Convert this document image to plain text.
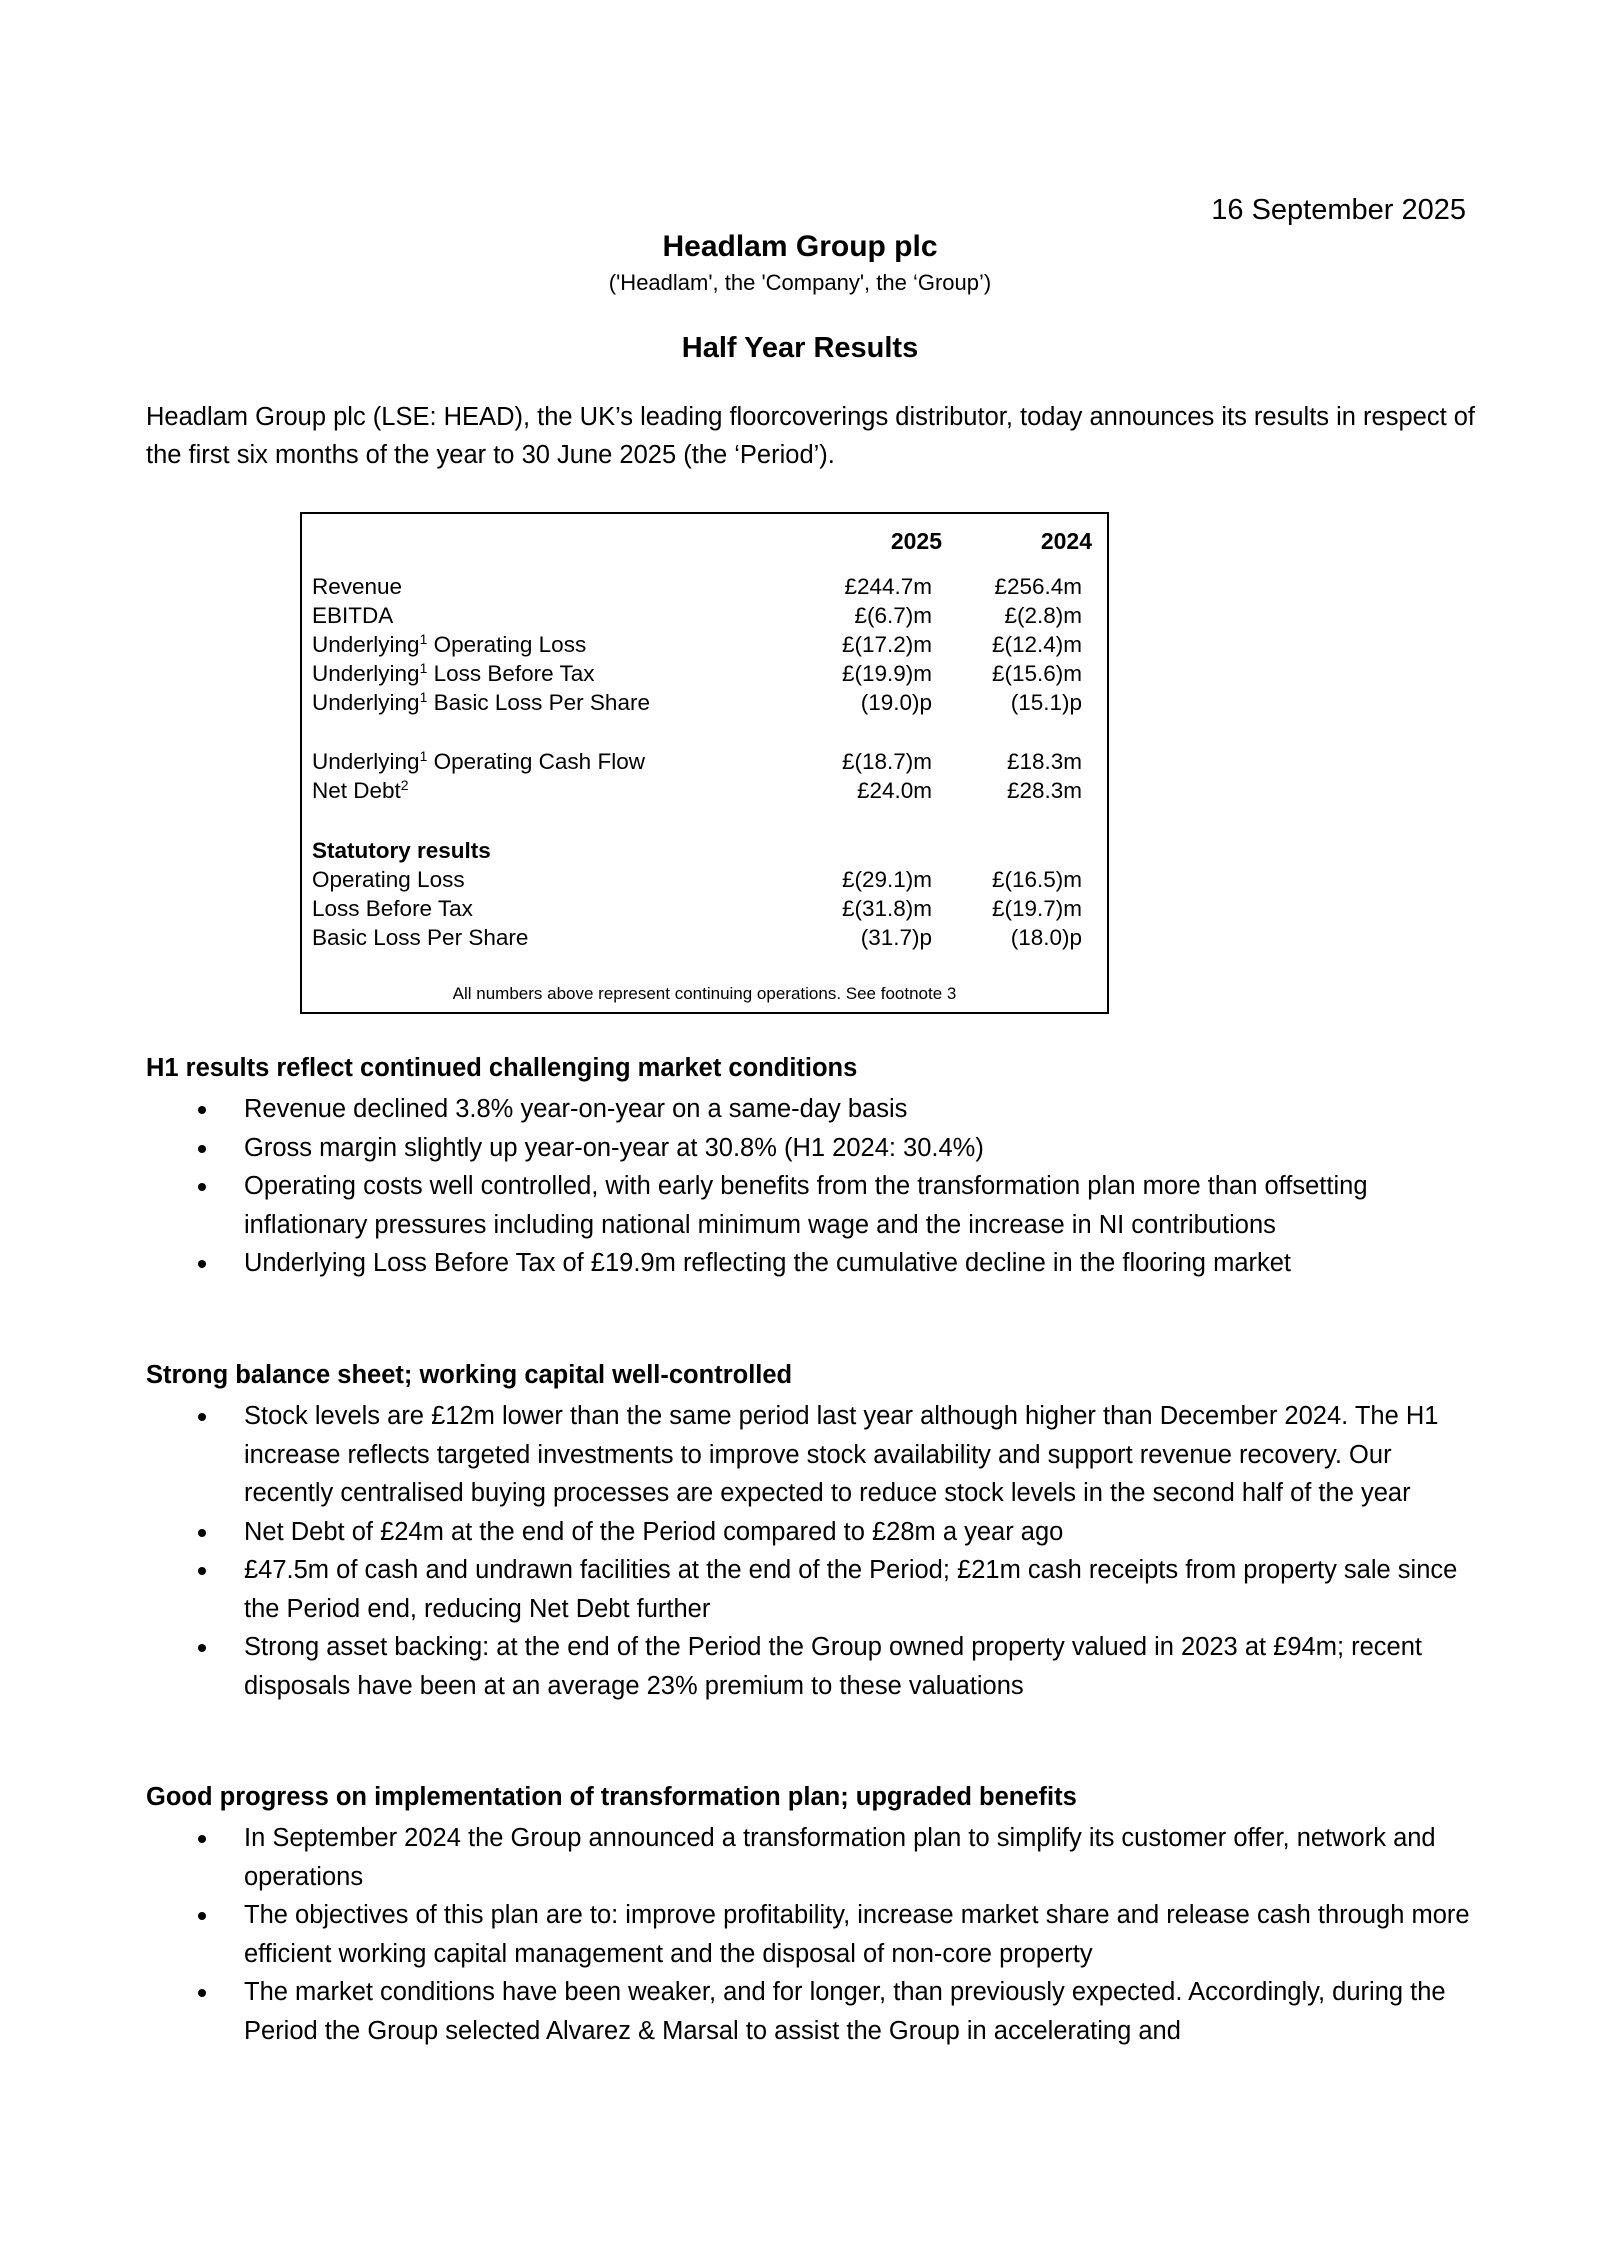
16 September 2025
Headlam Group plc
('Headlam', the 'Company', the ‘Group’)
Half Year Results
Headlam Group plc (LSE: HEAD), the UK’s leading floorcoverings distributor, today announces its results in respect of the first six months of the year to 30 June 2025 (the ‘Period’).
2025	2024
Revenue	£244.7m	£256.4m
EBITDA	£(6.7)m	£(2.8)m
Underlying$^1$ Operating Loss	£(17.2)m	£(12.4)m
Underlying$^1$ Loss Before Tax	£(19.9)m	£(15.6)m
Underlying$^1$ Basic Loss Per Share	(19.0)p	(15.1)p
Underlying$^1$ Operating Cash Flow	£(18.7)m	£18.3m
Net Debt$^2$	£24.0m	£28.3m
Statutory results
Operating Loss	£(29.1)m	£(16.5)m
Loss Before Tax	£(31.8)m	£(19.7)m
Basic Loss Per Share	(31.7)p	(18.0)p
All numbers above represent continuing operations. See footnote 3
H1 results reflect continued challenging market conditions
Revenue declined 3.8% year-on-year on a same-day basis
Gross margin slightly up year-on-year at 30.8% (H1 2024: 30.4%)
Operating costs well controlled, with early benefits from the transformation plan more than offsetting inflationary pressures including national minimum wage and the increase in NI contributions
Underlying Loss Before Tax of £19.9m reflecting the cumulative decline in the flooring market
Strong balance sheet; working capital well-controlled
Stock levels are £12m lower than the same period last year although higher than December 2024. The H1 increase reflects targeted investments to improve stock availability and support revenue recovery. Our recently centralised buying processes are expected to reduce stock levels in the second half of the year
Net Debt of £24m at the end of the Period compared to £28m a year ago
£47.5m of cash and undrawn facilities at the end of the Period; £21m cash receipts from property sale since the Period end, reducing Net Debt further
Strong asset backing: at the end of the Period the Group owned property valued in 2023 at £94m; recent disposals have been at an average 23% premium to these valuations
Good progress on implementation of transformation plan; upgraded benefits
In September 2024 the Group announced a transformation plan to simplify its customer offer, network and operations
The objectives of this plan are to: improve profitability, increase market share and release cash through more efficient working capital management and the disposal of non-core property
The market conditions have been weaker, and for longer, than previously expected. Accordingly, during the Period the Group selected Alvarez & Marsal to assist the Group in accelerating and
